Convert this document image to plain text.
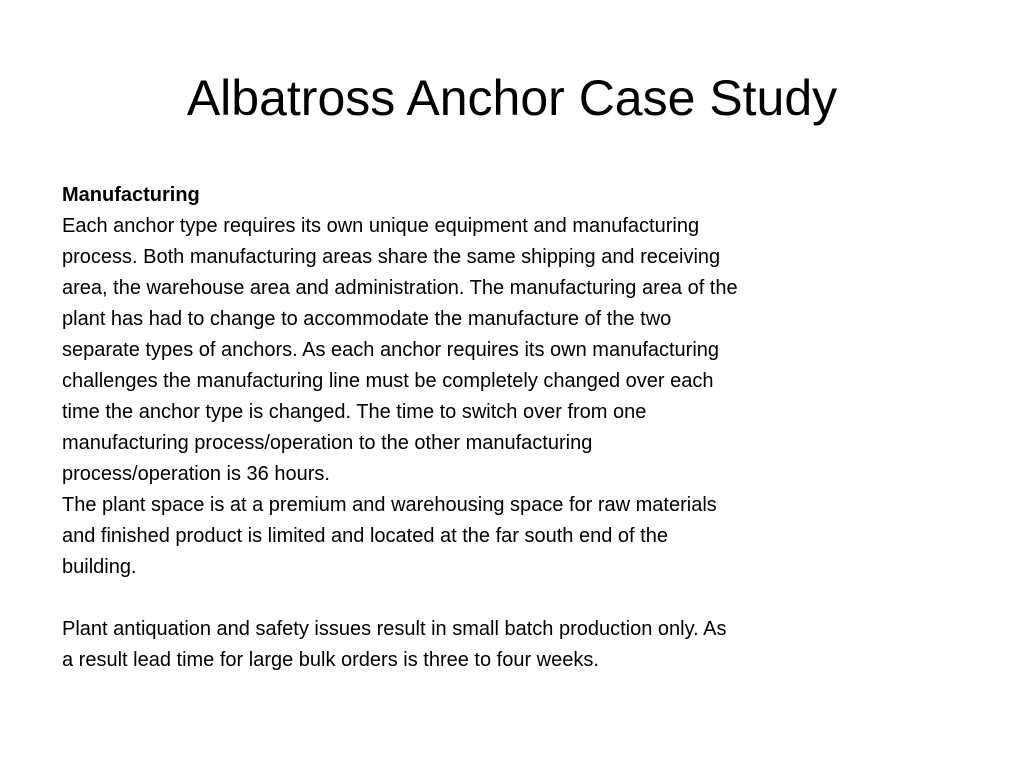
Albatross Anchor Case Study
Manufacturing
Each anchor type requires its own unique equipment and manufacturing
process. Both manufacturing areas share the same shipping and receiving
area, the warehouse area and administration. The manufacturing area of the
plant has had to change to accommodate the manufacture of the two
separate types of anchors. As each anchor requires its own manufacturing
challenges the manufacturing line must be completely changed over each
time the anchor type is changed. The time to switch over from one
manufacturing process/operation to the other manufacturing
process/operation is 36 hours.
The plant space is at a premium and warehousing space for raw materials
and finished product is limited and located at the far south end of the
building.
Plant antiquation and safety issues result in small batch production only. As
a result lead time for large bulk orders is three to four weeks.
